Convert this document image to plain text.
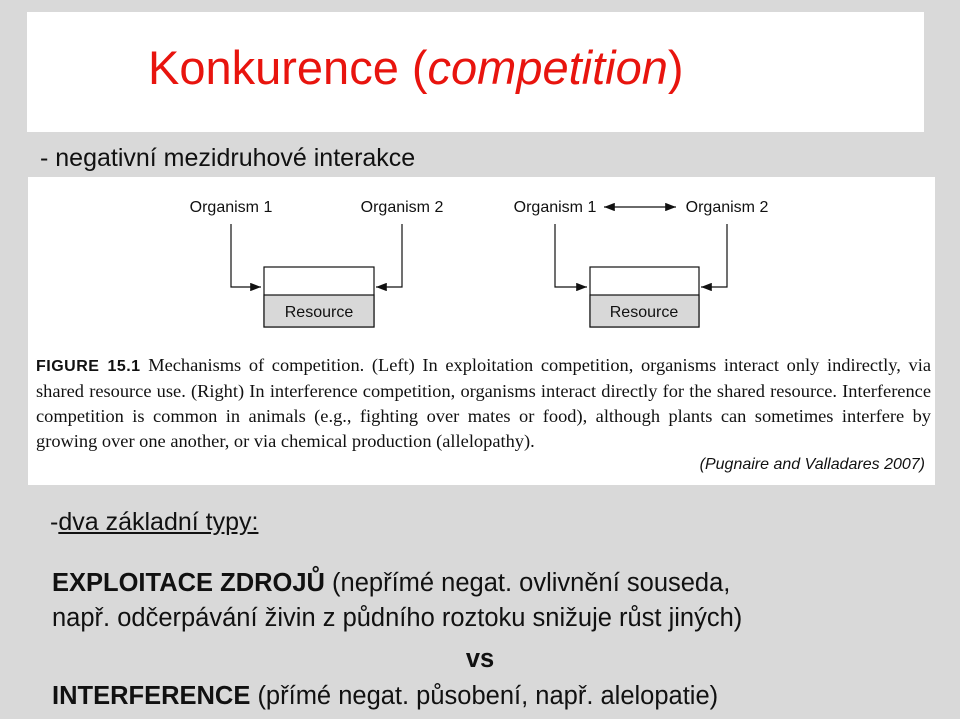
Konkurence (competition)
- negativní mezidruhové interakce
Organism 1	Organism 2
Resource
Organism 1	Organism 2
Resource
FIGURE 15.1 Mechanisms of competition. (Left) In exploitation competition, organisms interact only indirectly, via shared resource use. (Right) In interference competition, organisms interact directly for the shared resource. Interference competition is common in animals (e.g., fighting over mates or food), although plants can sometimes interfere by growing over one another, or via chemical production (allelopathy).
(Pugnaire and Valladares 2007)
-dva základní typy:
EXPLOITACE ZDROJŮ (nepřímé negat. ovlivnění souseda,
např. odčerpávání živin z půdního roztoku snižuje růst jiných)
vs
INTERFERENCE (přímé negat. působení, např. alelopatie)
